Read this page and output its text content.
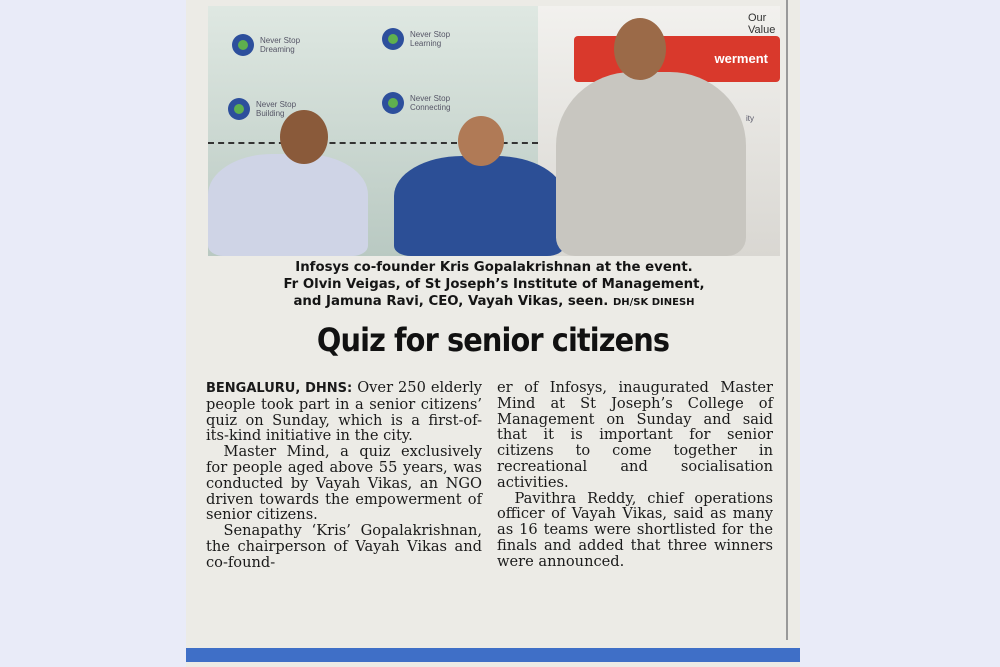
Our Value
werment
ity
Never Stop Dreaming
Never Stop Learning
Never Stop Building
Never Stop Connecting
Infosys co-founder Kris Gopalakrishnan at the event.
Fr Olvin Veigas, of St Joseph’s Institute of Management,
and Jamuna Ravi, CEO, Vayah Vikas, seen. DH/SK DINESH
Quiz for senior citizens

BENGALURU, DHNS: Over 250 elderly people took part in a senior citizens’ quiz on Sunday, which is a first-of-its-kind initiative in the city.

Master Mind, a quiz exclusively for people aged above 55 years, was conducted by Vayah Vikas, an NGO driven towards the empowerment of senior citizens.

Senapathy ‘Kris’ Gopalakrishnan, the chairperson of Vayah Vikas and co-found-

er of Infosys, inaugurated Master Mind at St Joseph’s College of Management on Sunday and said that it is important for senior citizens to come together in recreational and socialisation activities.

Pavithra Reddy, chief operations officer of Vayah Vikas, said as many as 16 teams were shortlisted for the finals and added that three winners were announced.
